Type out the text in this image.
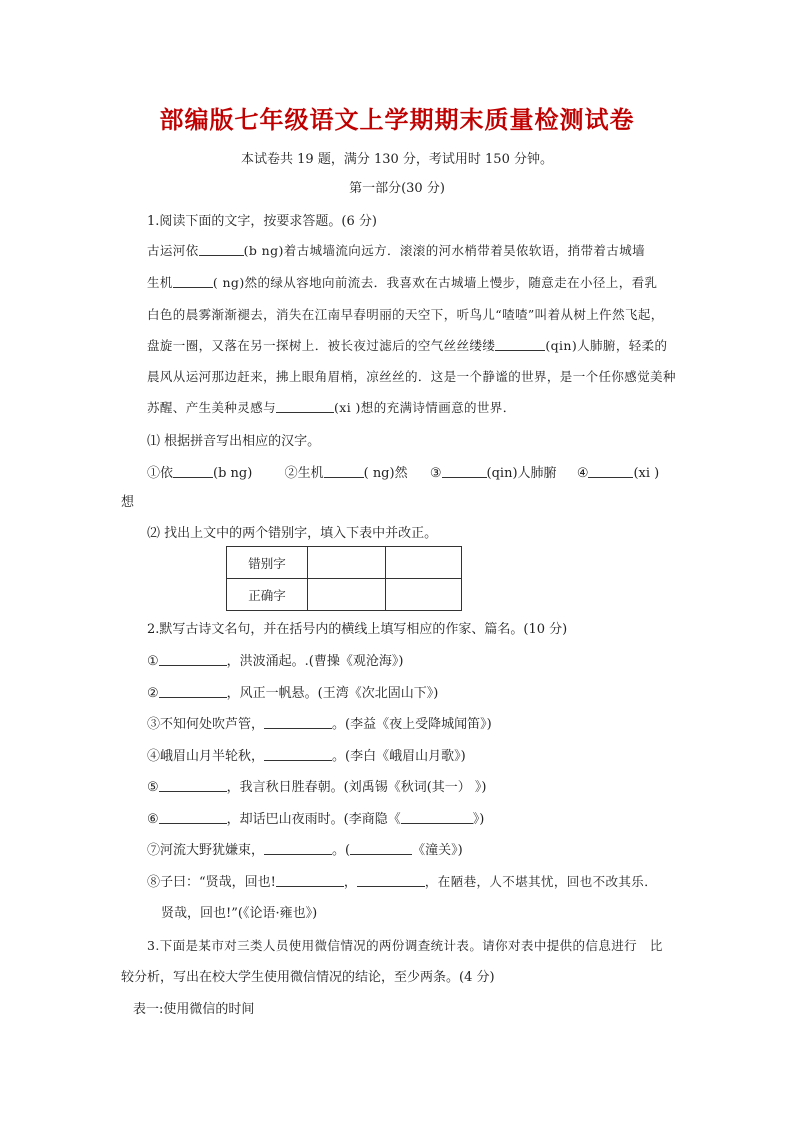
部编版七年级语文上学期期末质量检测试卷
本试卷共 19 题，满分 130 分，考试用时 150 分钟。
第一部分(30 分)
1.阅读下面的文字，按要求答题。(6 分)
古运河依	(b ng)着古城墙流向远方．滚滚的河水梢带着昊侬软语，捎带着古城墙
生机	( ng)然的绿从容地向前流去．我喜欢在古城墙上慢步，随意走在小径上，看乳
白色的晨雾渐渐褪去，消失在江南早春明丽的天空下，听鸟儿“喳喳”叫着从树上仵然飞起，
盘旋一圈，又落在另一探树上．被长夜过滤后的空气丝丝缕缕	(qin)人肺腑，轻柔的
晨风从运河那边赶来，拂上眼角眉梢，凉丝丝的．这是一个静谧的世界，是一个任你感觉美种
苏醒、产生美种灵感与	(xi )想的充满诗情画意的世界．
⑴ 根据拼音写出相应的汉字。
①依	(b ng) ②生机	( ng)然 ③	(qin)人肺腑 ④	(xi )
想
⑵ 找出上文中的两个错别字，填入下表中并改正。
错别字		
正确字		
2.默写古诗文名句，并在括号内的横线上填写相应的作家、篇名。(10 分)
①	，洪波涌起。.(曹操《观沧海》)
②	，风正一帆悬。(王湾《次北固山下》)
③不知何处吹芦管，	。(李益《夜上受降城闻笛》)
④峨眉山月半轮秋，	。(李白《峨眉山月歌》)
⑤	，我言秋日胜春朝。(刘禹锡《秋词(其一） 》)
⑥	，却话巴山夜雨时。(李商隐《	》)
⑦河流大野犹嫌束，	。(	《潼关》)
⑧子曰：“贤哉，回也!	，	，在陋巷，人不堪其忧，回也不改其乐．
贤哉，回也!”(《论语·雍也》)
3.下面是某市对三类人员使用微信情况的两份调查统计表。请你对表中提供的信息进行　比
较分析，写出在校大学生使用微信情况的结论，至少两条。(4 分)
表一:使用微信的时间
